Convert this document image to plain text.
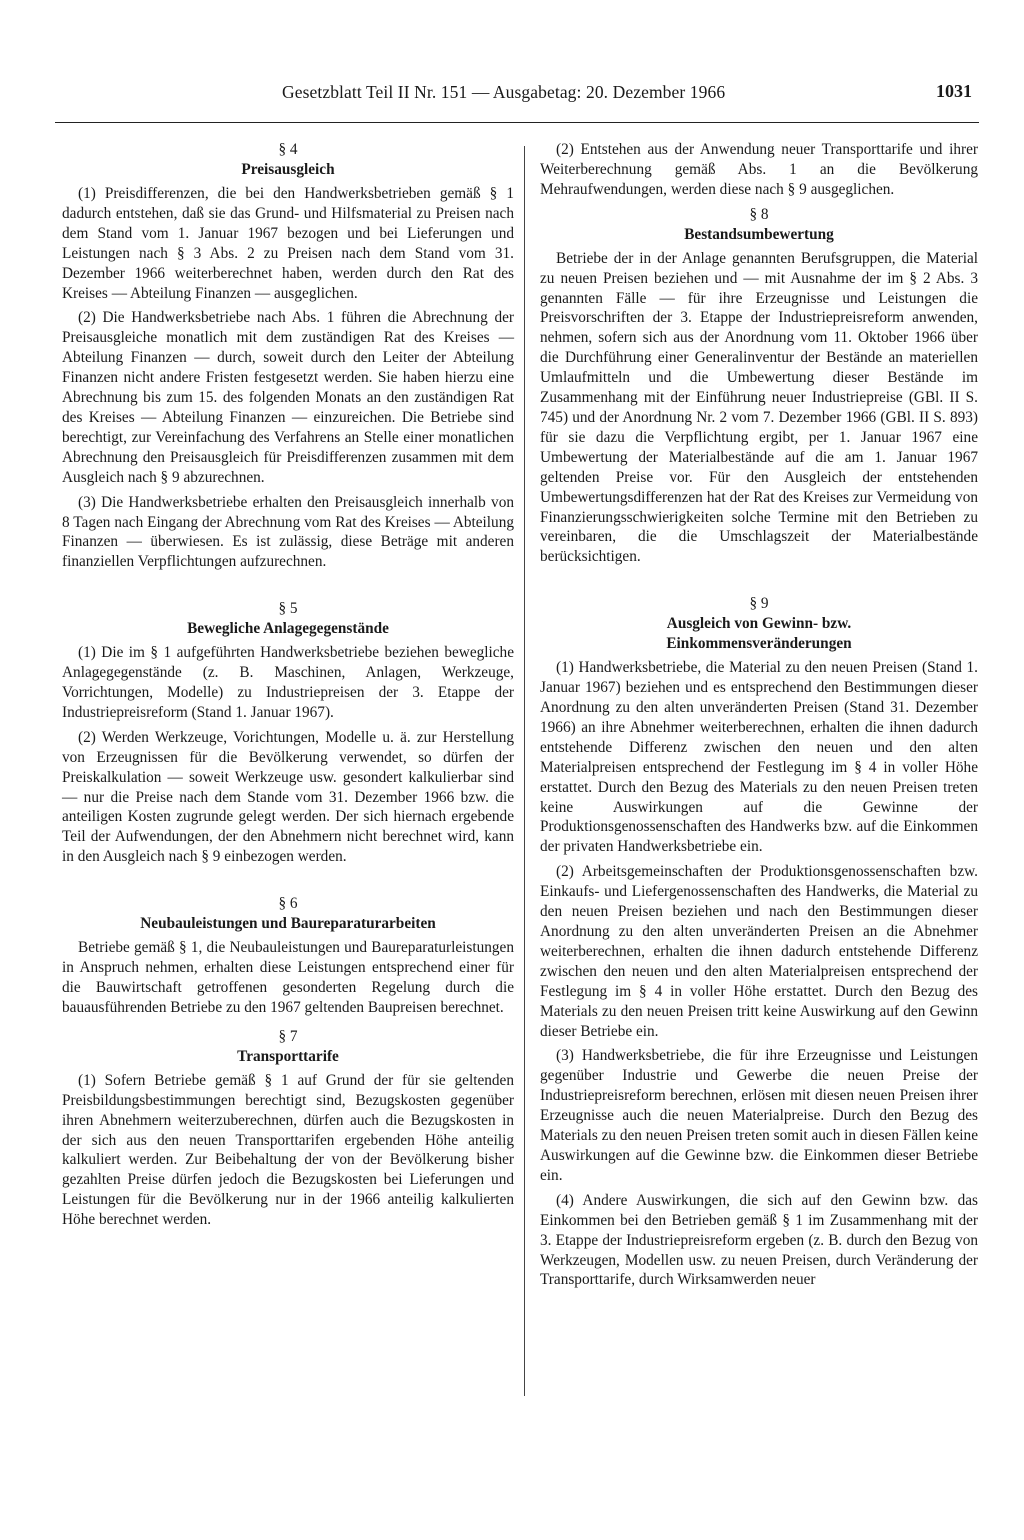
Gesetzblatt Teil II Nr. 151 — Ausgabetag: 20. Dezember 1966	1031
§ 4
Preisausgleich

(1) Preisdifferenzen, die bei den Handwerksbetrieben gemäß § 1 dadurch entstehen, daß sie das Grund- und Hilfsmaterial zu Preisen nach dem Stand vom 1. Januar 1967 bezogen und bei Lieferungen und Leistungen nach § 3 Abs. 2 zu Preisen nach dem Stand vom 31. Dezember 1966 weiterberechnet haben, werden durch den Rat des Kreises — Abteilung Finanzen — ausgeglichen.

(2) Die Handwerksbetriebe nach Abs. 1 führen die Abrechnung der Preisausgleiche monatlich mit dem zuständigen Rat des Kreises — Abteilung Finanzen — durch, soweit durch den Leiter der Abteilung Finanzen nicht andere Fristen festgesetzt werden. Sie haben hierzu eine Abrechnung bis zum 15. des folgenden Monats an den zuständigen Rat des Kreises — Abteilung Finanzen — einzureichen. Die Betriebe sind berechtigt, zur Vereinfachung des Verfahrens an Stelle einer monatlichen Abrechnung den Preisausgleich für Preisdifferenzen zusammen mit dem Ausgleich nach § 9 abzurechnen.

(3) Die Handwerksbetriebe erhalten den Preisausgleich innerhalb von 8 Tagen nach Eingang der Abrechnung vom Rat des Kreises — Abteilung Finanzen — überwiesen. Es ist zulässig, diese Beträge mit anderen finanziellen Verpflichtungen aufzurechnen.

§ 5
Bewegliche Anlagegegenstände

(1) Die im § 1 aufgeführten Handwerksbetriebe beziehen bewegliche Anlagegegenstände (z. B. Maschinen, Anlagen, Werkzeuge, Vorrichtungen, Modelle) zu Industriepreisen der 3. Etappe der Industriepreisreform (Stand 1. Januar 1967).

(2) Werden Werkzeuge, Vorichtungen, Modelle u. ä. zur Herstellung von Erzeugnissen für die Bevölkerung verwendet, so dürfen der Preiskalkulation — soweit Werkzeuge usw. gesondert kalkulierbar sind — nur die Preise nach dem Stande vom 31. Dezember 1966 bzw. die anteiligen Kosten zugrunde gelegt werden. Der sich hiernach ergebende Teil der Aufwendungen, der den Abnehmern nicht berechnet wird, kann in den Ausgleich nach § 9 einbezogen werden.

§ 6
Neubauleistungen und Baureparaturarbeiten

Betriebe gemäß § 1, die Neubauleistungen und Baureparaturleistungen in Anspruch nehmen, erhalten diese Leistungen entsprechend einer für die Bauwirtschaft getroffenen gesonderten Regelung durch die bauausführenden Betriebe zu den 1967 geltenden Baupreisen berechnet.

§ 7
Transporttarife

(1) Sofern Betriebe gemäß § 1 auf Grund der für sie geltenden Preisbildungsbestimmungen berechtigt sind, Bezugskosten gegenüber ihren Abnehmern weiterzuberechnen, dürfen auch die Bezugskosten in der sich aus den neuen Transporttarifen ergebenden Höhe anteilig kalkuliert werden. Zur Beibehaltung der von der Bevölkerung bisher gezahlten Preise dürfen jedoch die Bezugskosten bei Lieferungen und Leistungen für die Bevölkerung nur in der 1966 anteilig kalkulierten Höhe berechnet werden.

(2) Entstehen aus der Anwendung neuer Transporttarife und ihrer Weiterberechnung gemäß Abs. 1 an die Bevölkerung Mehraufwendungen, werden diese nach § 9 ausgeglichen.

§ 8
Bestandsumbewertung

Betriebe der in der Anlage genannten Berufsgruppen, die Material zu neuen Preisen beziehen und — mit Ausnahme der im § 2 Abs. 3 genannten Fälle — für ihre Erzeugnisse und Leistungen die Preisvorschriften der 3. Etappe der Industriepreisreform anwenden, nehmen, sofern sich aus der Anordnung vom 11. Oktober 1966 über die Durchführung einer Generalinventur der Bestände an materiellen Umlaufmitteln und die Umbewertung dieser Bestände im Zusammenhang mit der Einführung neuer Industriepreise (GBl. II S. 745) und der Anordnung Nr. 2 vom 7. Dezember 1966 (GBl. II S. 893) für sie dazu die Verpflichtung ergibt, per 1. Januar 1967 eine Umbewertung der Materialbestände auf die am 1. Januar 1967 geltenden Preise vor. Für den Ausgleich der entstehenden Umbewertungsdifferenzen hat der Rat des Kreises zur Vermeidung von Finanzierungsschwierigkeiten solche Termine mit den Betrieben zu vereinbaren, die die Umschlagszeit der Materialbestände berücksichtigen.

§ 9
Ausgleich von Gewinn- bzw.
Einkommensveränderungen

(1) Handwerksbetriebe, die Material zu den neuen Preisen (Stand 1. Januar 1967) beziehen und es entsprechend den Bestimmungen dieser Anordnung zu den alten unveränderten Preisen (Stand 31. Dezember 1966) an ihre Abnehmer weiterberechnen, erhalten die ihnen dadurch entstehende Differenz zwischen den neuen und den alten Materialpreisen entsprechend der Festlegung im § 4 in voller Höhe erstattet. Durch den Bezug des Materials zu den neuen Preisen treten keine Auswirkungen auf die Gewinne der Produktionsgenossenschaften des Handwerks bzw. auf die Einkommen der privaten Handwerksbetriebe ein.

(2) Arbeitsgemeinschaften der Produktionsgenossenschaften bzw. Einkaufs- und Liefergenossenschaften des Handwerks, die Material zu den neuen Preisen beziehen und nach den Bestimmungen dieser Anordnung zu den alten unveränderten Preisen an die Abnehmer weiterberechnen, erhalten die ihnen dadurch entstehende Differenz zwischen den neuen und den alten Materialpreisen entsprechend der Festlegung im § 4 in voller Höhe erstattet. Durch den Bezug des Materials zu den neuen Preisen tritt keine Auswirkung auf den Gewinn dieser Betriebe ein.

(3) Handwerksbetriebe, die für ihre Erzeugnisse und Leistungen gegenüber Industrie und Gewerbe die neuen Preise der Industriepreisreform berechnen, erlösen mit diesen neuen Preisen ihrer Erzeugnisse auch die neuen Materialpreise. Durch den Bezug des Materials zu den neuen Preisen treten somit auch in diesen Fällen keine Auswirkungen auf die Gewinne bzw. die Einkommen dieser Betriebe ein.

(4) Andere Auswirkungen, die sich auf den Gewinn bzw. das Einkommen bei den Betrieben gemäß § 1 im Zusammenhang mit der 3. Etappe der Industriepreisreform ergeben (z. B. durch den Bezug von Werkzeugen, Modellen usw. zu neuen Preisen, durch Veränderung der Transporttarife, durch Wirksamwerden neuer
